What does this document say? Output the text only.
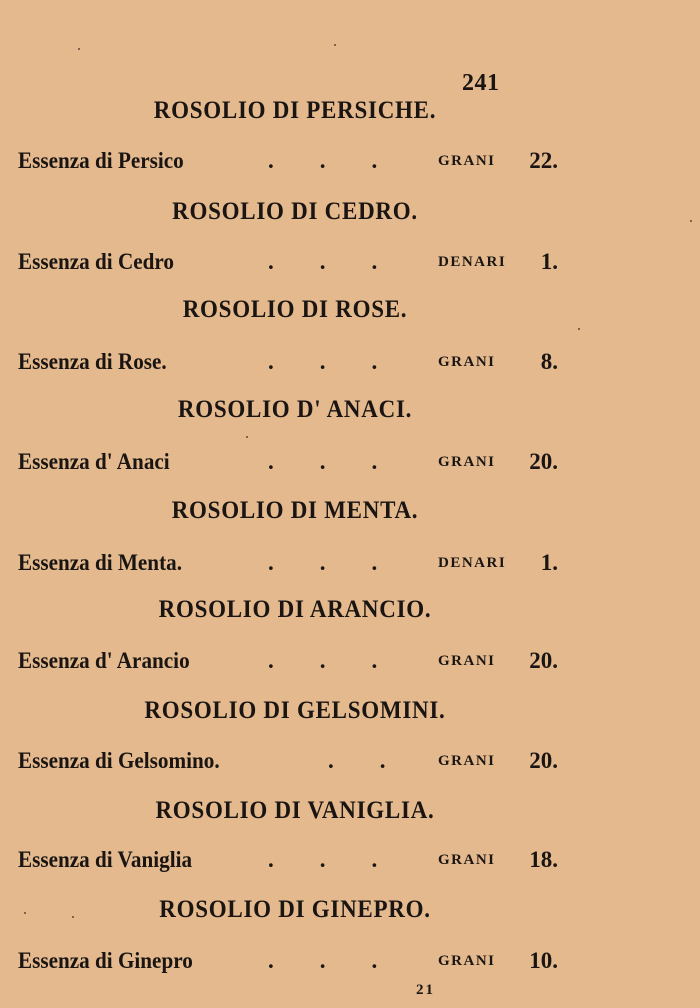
241
ROSOLIO DI PERSICHE.
Essenza di Persico	... GRANI 22.
ROSOLIO DI CEDRO.
Essenza di Cedro	... DENARI 1.
ROSOLIO DI ROSE.
Essenza di Rose.	... GRANI 8.
ROSOLIO D' ANACI.
Essenza d' Anaci	... GRANI 20.
ROSOLIO DI MENTA.
Essenza di Menta.	... DENARI 1.
ROSOLIO DI ARANCIO.
Essenza d' Arancio	... GRANI 20.
ROSOLIO DI GELSOMINI.
Essenza di Gelsomino.	.. GRANI 20.
ROSOLIO DI VANIGLIA.
Essenza di Vaniglia	... GRANI 18.
ROSOLIO DI GINEPRO.
Essenza di Ginepro	... GRANI 10.
21
